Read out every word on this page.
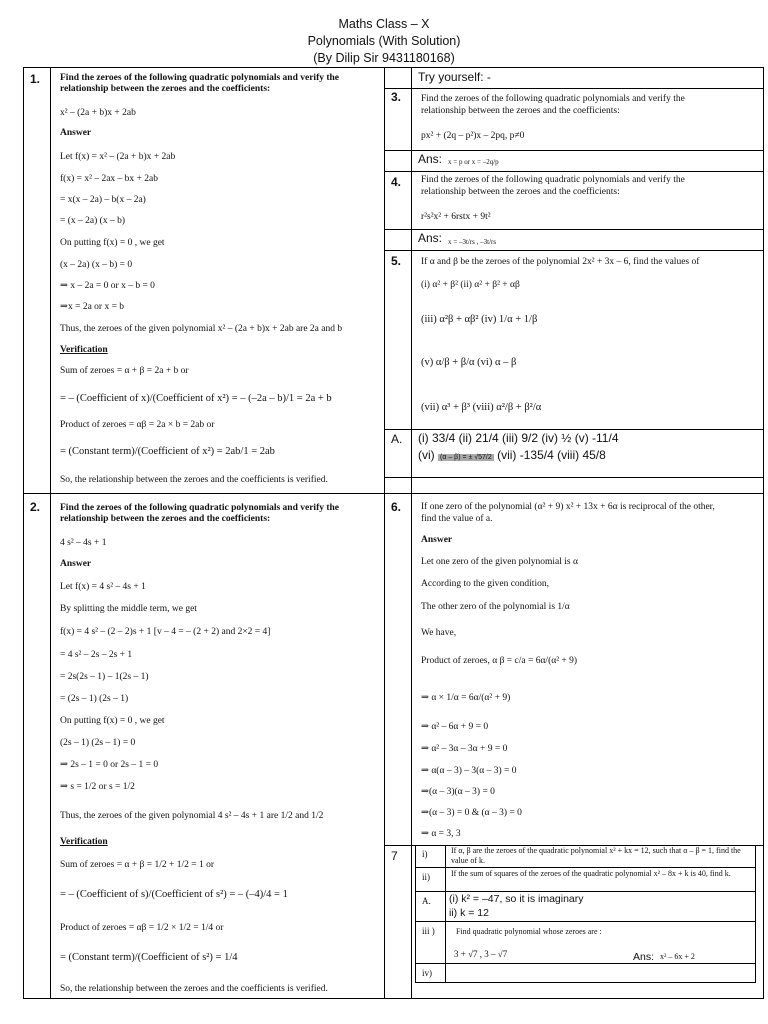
Maths Class – X
Polynomials (With Solution)
(By Dilip Sir 9431180168)
1. Find the zeroes of the following quadratic polynomials and verify the
relationship between the zeroes and the coefficients:
x² – (2a + b)x + 2ab
Answer
Let f(x) = x² – (2a + b)x + 2ab
f(x) = x² – 2ax – bx + 2ab
= x(x – 2a) – b(x – 2a)
= (x – 2a) (x – b)
On putting f(x) = 0 , we get
(x – 2a) (x – b) = 0
⇒ x – 2a = 0 or x – b = 0
⇒x = 2a or x = b
Thus, the zeroes of the given polynomial x² – (2a + b)x + 2ab are 2a and b
Verification
Sum of zeroes = α + β = 2a + b or
= – (Coefficient of x)/(Coefficient of x²) = – (–2a – b)/1 = 2a + b
Product of zeroes = αβ = 2a × b = 2ab or
= (Constant term)/(Coefficient of x²) = 2ab/1 = 2ab
So, the relationship between the zeroes and the coefficients is verified.
2. Find the zeroes of the following quadratic polynomials and verify the
relationship between the zeroes and the coefficients:
4 s² – 4s + 1
Answer
Let f(x) = 4 s² – 4s + 1
By splitting the middle term, we get
f(x) = 4 s² – (2 – 2)s + 1 [v – 4 = – (2 + 2) and 2×2 = 4]
= 4 s² – 2s – 2s + 1
= 2s(2s – 1) – 1(2s – 1)
= (2s – 1) (2s – 1)
On putting f(x) = 0 , we get
(2s – 1) (2s – 1) = 0
⇒ 2s – 1 = 0 or 2s – 1 = 0
⇒ s = 1/2 or s = 1/2
Thus, the zeroes of the given polynomial 4 s² – 4s + 1 are 1/2 and 1/2
Verification
Sum of zeroes = α + β = 1/2 + 1/2 = 1 or
= – (Coefficient of s)/(Coefficient of s²) = – (–4)/4 = 1
Product of zeroes = αβ = 1/2 × 1/2 = 1/4 or
= (Constant term)/(Coefficient of s²) = 1/4
So, the relationship between the zeroes and the coefficients is verified.
Try yourself: -
3. Find the zeroes of the following quadratic polynomials and verify the
relationship between the zeroes and the coefficients:
px² + (2q – p²)x – 2pq, p≠0
Ans: x = p or x = –2q/p
4. Find the zeroes of the following quadratic polynomials and verify the
relationship between the zeroes and the coefficients:
r²s²x² + 6rstx + 9t²
Ans: x = –3t/rs , –3t/rs
5. If α and β be the zeroes of the polynomial 2x² + 3x – 6, find the values of
(i) α² + β² (ii) α² + β² + αβ
(iii) α²β + αβ² (iv) 1/α + 1/β
(v) α/β + β/α (vi) α – β
(vii) α³ + β³ (viii) α²/β + β²/α
A. (i) 33/4 (ii) 21/4 (iii) 9/2 (iv) ½ (v) -11/4
(vi) (α – β) = ± √57/2 (vii) -135/4 (viii) 45/8
6. If one zero of the polynomial (α² + 9) x² + 13x + 6α is reciprocal of the other,
find the value of a.
Answer
Let one zero of the given polynomial is α
According to the given condition,
The other zero of the polynomial is 1/α
We have,
Product of zeroes, α β = c/a = 6α/(α² + 9)
⇒ α × 1/α = 6α/(α² + 9)
⇒ α² – 6α + 9 = 0
⇒ α² – 3α – 3α + 9 = 0
⇒ α(α – 3) – 3(α – 3) = 0
⇒(α – 3)(α – 3) = 0
⇒(α – 3) = 0 & (α – 3) = 0
⇒ α = 3, 3
7	i)	If α, β are the zeroes of the quadratic polynomial x² + kx = 12, such that α – β = 1, find the value of k.
ii)	If the sum of squares of the zeroes of the quadratic polynomial x² – 8x + k is 40, find k.
A. (i) k² = –47, so it is imaginary
ii) k = 12
iii )	Find quadratic polynomial whose zeroes are :
3 + √7 , 3 – √7	Ans: x² – 6x + 2
iv)
